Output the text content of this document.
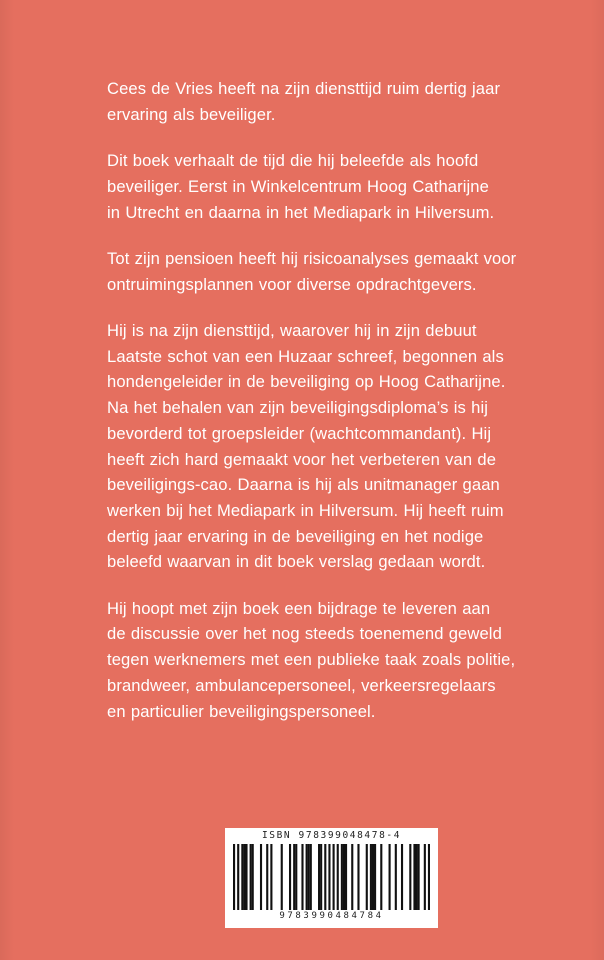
Cees de Vries heeft na zijn diensttijd ruim dertig jaar
ervaring als beveiliger.

Dit boek verhaalt de tijd die hij beleefde als hoofd
beveiliger. Eerst in Winkelcentrum Hoog Catharijne
in Utrecht en daarna in het Mediapark in Hilversum.

Tot zijn pensioen heeft hij risicoanalyses gemaakt voor
ontruimingsplannen voor diverse opdrachtgevers.

Hij is na zijn diensttijd, waarover hij in zijn debuut
Laatste schot van een Huzaar schreef, begonnen als
hondengeleider in de beveiliging op Hoog Catharijne.
Na het behalen van zijn beveiligingsdiploma’s is hij
bevorderd tot groepsleider (wachtcommandant). Hij
heeft zich hard gemaakt voor het verbeteren van de
beveiligings-cao. Daarna is hij als unitmanager gaan
werken bij het Mediapark in Hilversum. Hij heeft ruim
dertig jaar ervaring in de beveiliging en het nodige
beleefd waarvan in dit boek verslag gedaan wordt.

Hij hoopt met zijn boek een bijdrage te leveren aan
de discussie over het nog steeds toenemend geweld
tegen werknemers met een publieke taak zoals politie,
brandweer, ambulancepersoneel, verkeersregelaars
en particulier beveiligingspersoneel.

ISBN 978399048478-4
9783990484784
